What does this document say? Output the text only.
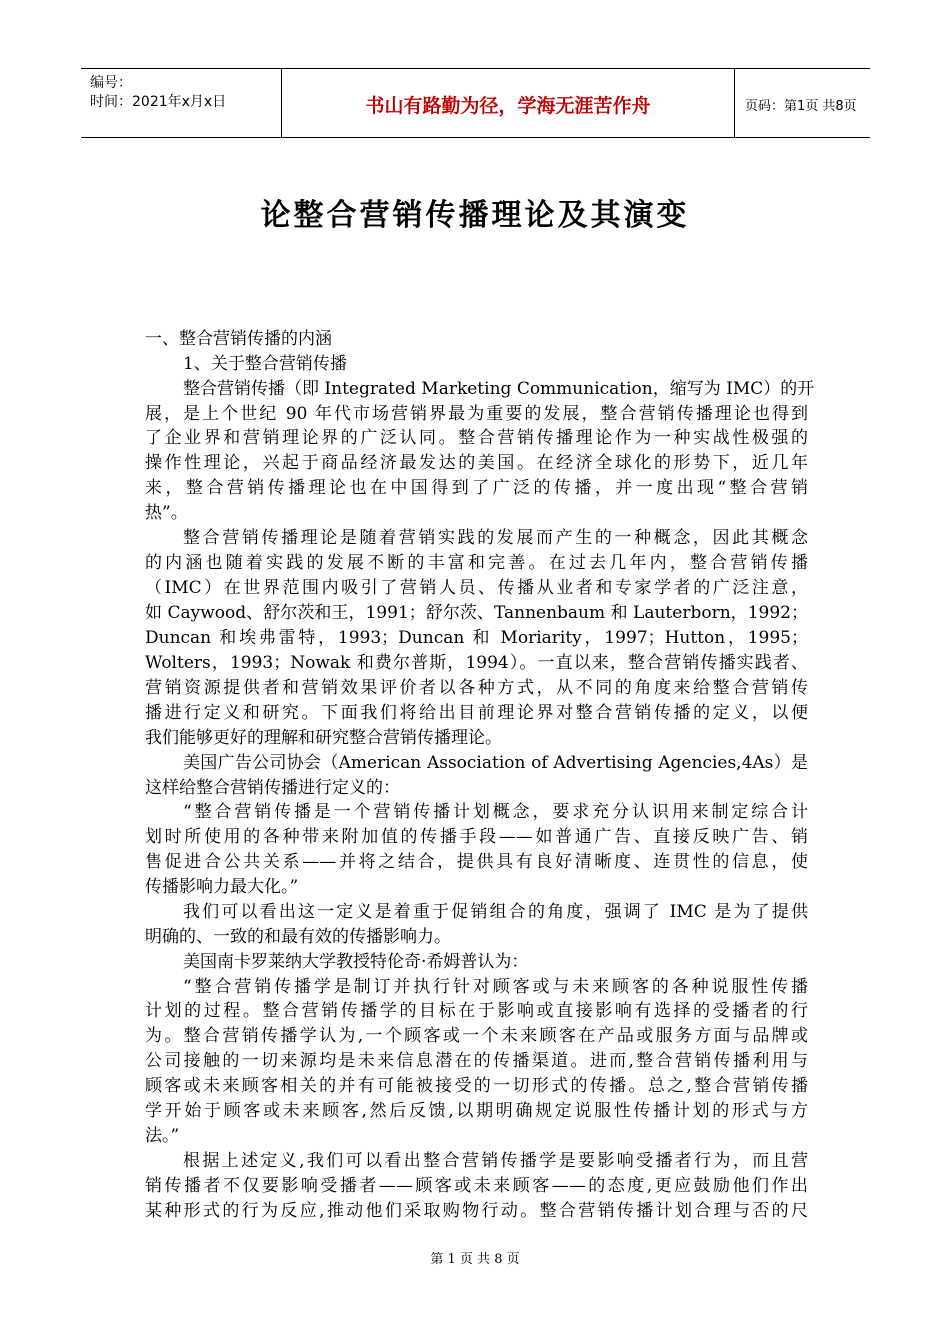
编号：
时间：2021年x月x日	书山有路勤为径，学海无涯苦作舟	页码：第1页 共8页
论整合营销传播理论及其演变
一、整合营销传播的内涵
1、关于整合营销传播
整合营销传播（即 Integrated Marketing Communication，缩写为 IMC）的开
展，是上个世纪 90 年代市场营销界最为重要的发展，整合营销传播理论也得到
了企业界和营销理论界的广泛认同。整合营销传播理论作为一种实战性极强的
操作性理论，兴起于商品经济最发达的美国。在经济全球化的形势下，近几年
来，整合营销传播理论也在中国得到了广泛的传播，并一度出现“整合营销
热”。
整合营销传播理论是随着营销实践的发展而产生的一种概念，因此其概念
的内涵也随着实践的发展不断的丰富和完善。在过去几年内，整合营销传播
（IMC）在世界范围内吸引了营销人员、传播从业者和专家学者的广泛注意，
如 Caywood、舒尔茨和王，1991；舒尔茨、Tannenbaum 和 Lauterborn，1992；
Duncan 和埃弗雷特，1993；Duncan 和 Moriarity，1997；Hutton，1995；
Wolters，1993；Nowak 和费尔普斯，1994）。一直以来，整合营销传播实践者、
营销资源提供者和营销效果评价者以各种方式，从不同的角度来给整合营销传
播进行定义和研究。下面我们将给出目前理论界对整合营销传播的定义，以便
我们能够更好的理解和研究整合营销传播理论。
美国广告公司协会（American Association of Advertising Agencies,4As）是
这样给整合营销传播进行定义的：
“整合营销传播是一个营销传播计划概念，要求充分认识用来制定综合计
划时所使用的各种带来附加值的传播手段——如普通广告、直接反映广告、销
售促进合公共关系——并将之结合，提供具有良好清晰度、连贯性的信息，使
传播影响力最大化。”
我们可以看出这一定义是着重于促销组合的角度，强调了 IMC 是为了提供
明确的、一致的和最有效的传播影响力。
美国南卡罗莱纳大学教授特伦奇·希姆普认为：
“整合营销传播学是制订并执行针对顾客或与未来顾客的各种说服性传播
计划的过程。整合营销传播学的目标在于影响或直接影响有选择的受播者的行
为。整合营销传播学认为,一个顾客或一个未来顾客在产品或服务方面与品牌或
公司接触的一切来源均是未来信息潜在的传播渠道。进而,整合营销传播利用与
顾客或未来顾客相关的并有可能被接受的一切形式的传播。总之,整合营销传播
学开始于顾客或未来顾客,然后反馈,以期明确规定说服性传播计划的形式与方
法。”
根据上述定义,我们可以看出整合营销传播学是要影响受播者行为，而且营
销传播者不仅要影响受播者——顾客或未来顾客——的态度,更应鼓励他们作出
某种形式的行为反应,推动他们采取购物行动。整合营销传播计划合理与否的尺
第 1 页 共 8 页
